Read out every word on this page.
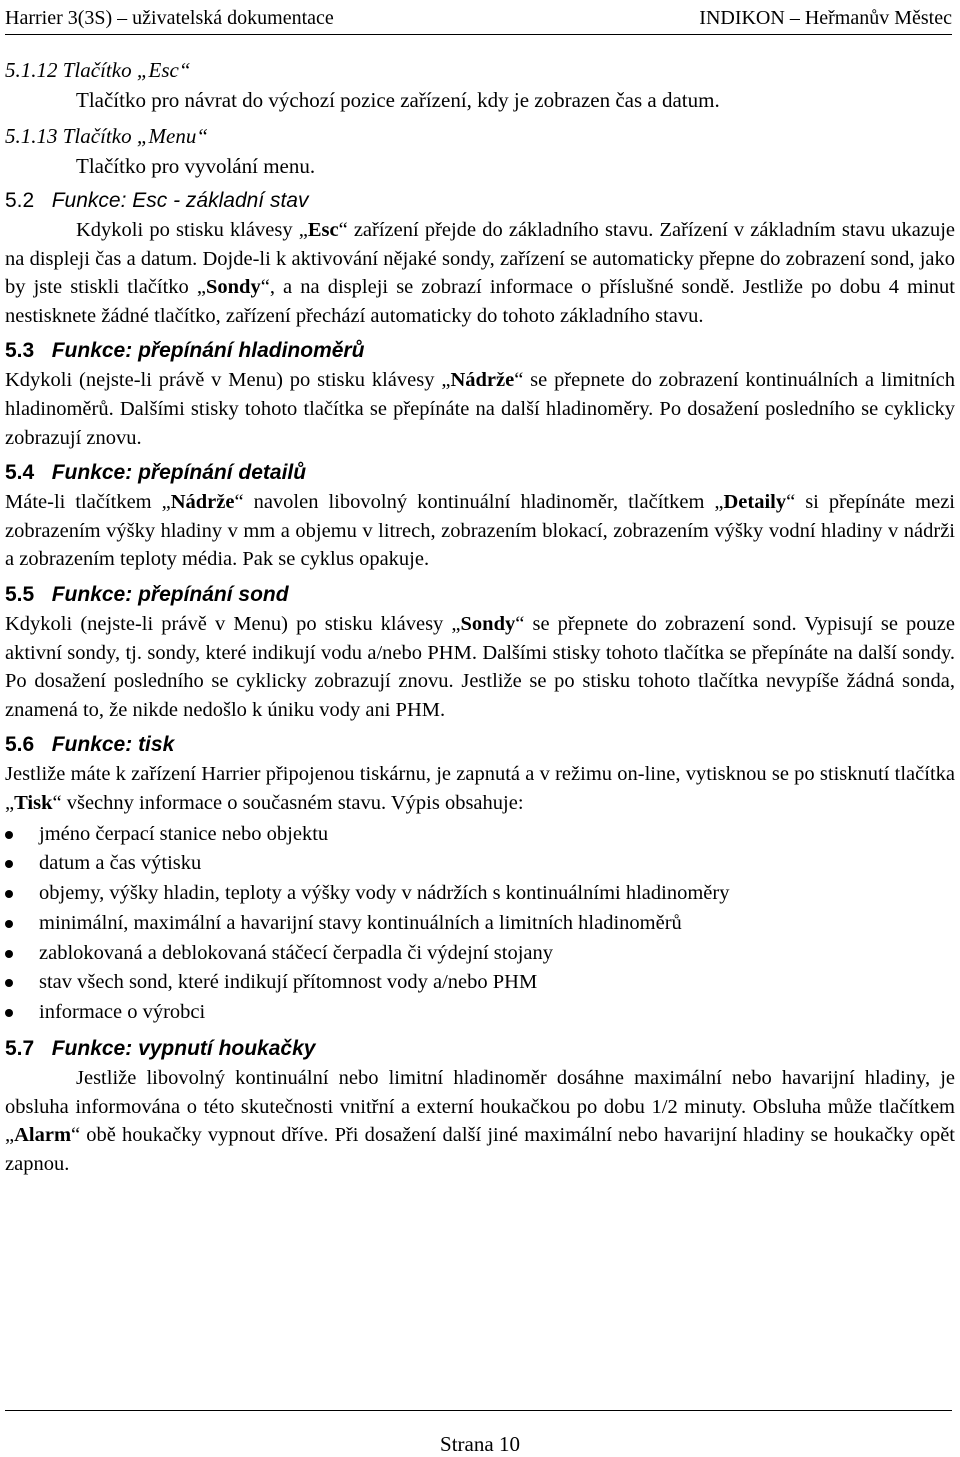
Harrier 3(3S) – uživatelská dokumentace	INDIKON – Heřmanův Městec

5.1.12 Tlačítko „Esc“

Tlačítko pro návrat do výchozí pozice zařízení, kdy je zobrazen čas a datum.

5.1.13 Tlačítko „Menu“

Tlačítko pro vyvolání menu.

5.2 Funkce: Esc - základní stav

Kdykoli po stisku klávesy „Esc“ zařízení přejde do základního stavu. Zařízení v základním stavu ukazuje na displeji čas a datum. Dojde-li k aktivování nějaké sondy, zařízení se automaticky přepne do zobrazení sond, jako by jste stiskli tlačítko „Sondy“, a na displeji se zobrazí informace o příslušné sondě. Jestliže po dobu 4 minut nestisknete žádné tlačítko, zařízení přechází automaticky do tohoto základního stavu.

5.3 Funkce: přepínání hladinoměrů

Kdykoli (nejste-li právě v Menu) po stisku klávesy „Nádrže“ se přepnete do zobrazení kontinuálních a limitních hladinoměrů. Dalšími stisky tohoto tlačítka se přepínáte na další hladinoměry. Po dosažení posledního se cyklicky zobrazují znovu.

5.4 Funkce: přepínání detailů

Máte-li tlačítkem „Nádrže“ navolen libovolný kontinuální hladinoměr, tlačítkem „Detaily“ si přepínáte mezi zobrazením výšky hladiny v mm a objemu v litrech, zobrazením blokací, zobrazením výšky vodní hladiny v nádrži a zobrazením teploty média. Pak se cyklus opakuje.

5.5 Funkce: přepínání sond

Kdykoli (nejste-li právě v Menu) po stisku klávesy „Sondy“ se přepnete do zobrazení sond. Vypisují se pouze aktivní sondy, tj. sondy, které indikují vodu a/nebo PHM. Dalšími stisky tohoto tlačítka se přepínáte na další sondy. Po dosažení posledního se cyklicky zobrazují znovu. Jestliže se po stisku tohoto tlačítka nevypíše žádná sonda, znamená to, že nikde nedošlo k úniku vody ani PHM.

5.6 Funkce: tisk

Jestliže máte k zařízení Harrier připojenou tiskárnu, je zapnutá a v režimu on-line, vytisknou se po stisknutí tlačítka „Tisk“ všechny informace o současném stavu. Výpis obsahuje:

jméno čerpací stanice nebo objektu
datum a čas výtisku
objemy, výšky hladin, teploty a výšky vody v nádržích s kontinuálními hladinoměry
minimální, maximální a havarijní stavy kontinuálních a limitních hladinoměrů
zablokovaná a deblokovaná stáčecí čerpadla či výdejní stojany
stav všech sond, které indikují přítomnost vody a/nebo PHM
informace o výrobci
5.7 Funkce: vypnutí houkačky

Jestliže libovolný kontinuální nebo limitní hladinoměr dosáhne maximální nebo havarijní hladiny, je obsluha informována o této skutečnosti vnitřní a externí houkačkou po dobu 1/2 minuty. Obsluha může tlačítkem „Alarm“ obě houkačky vypnout dříve. Při dosažení další jiné maximální nebo havarijní hladiny se houkačky opět zapnou.

Strana 10
